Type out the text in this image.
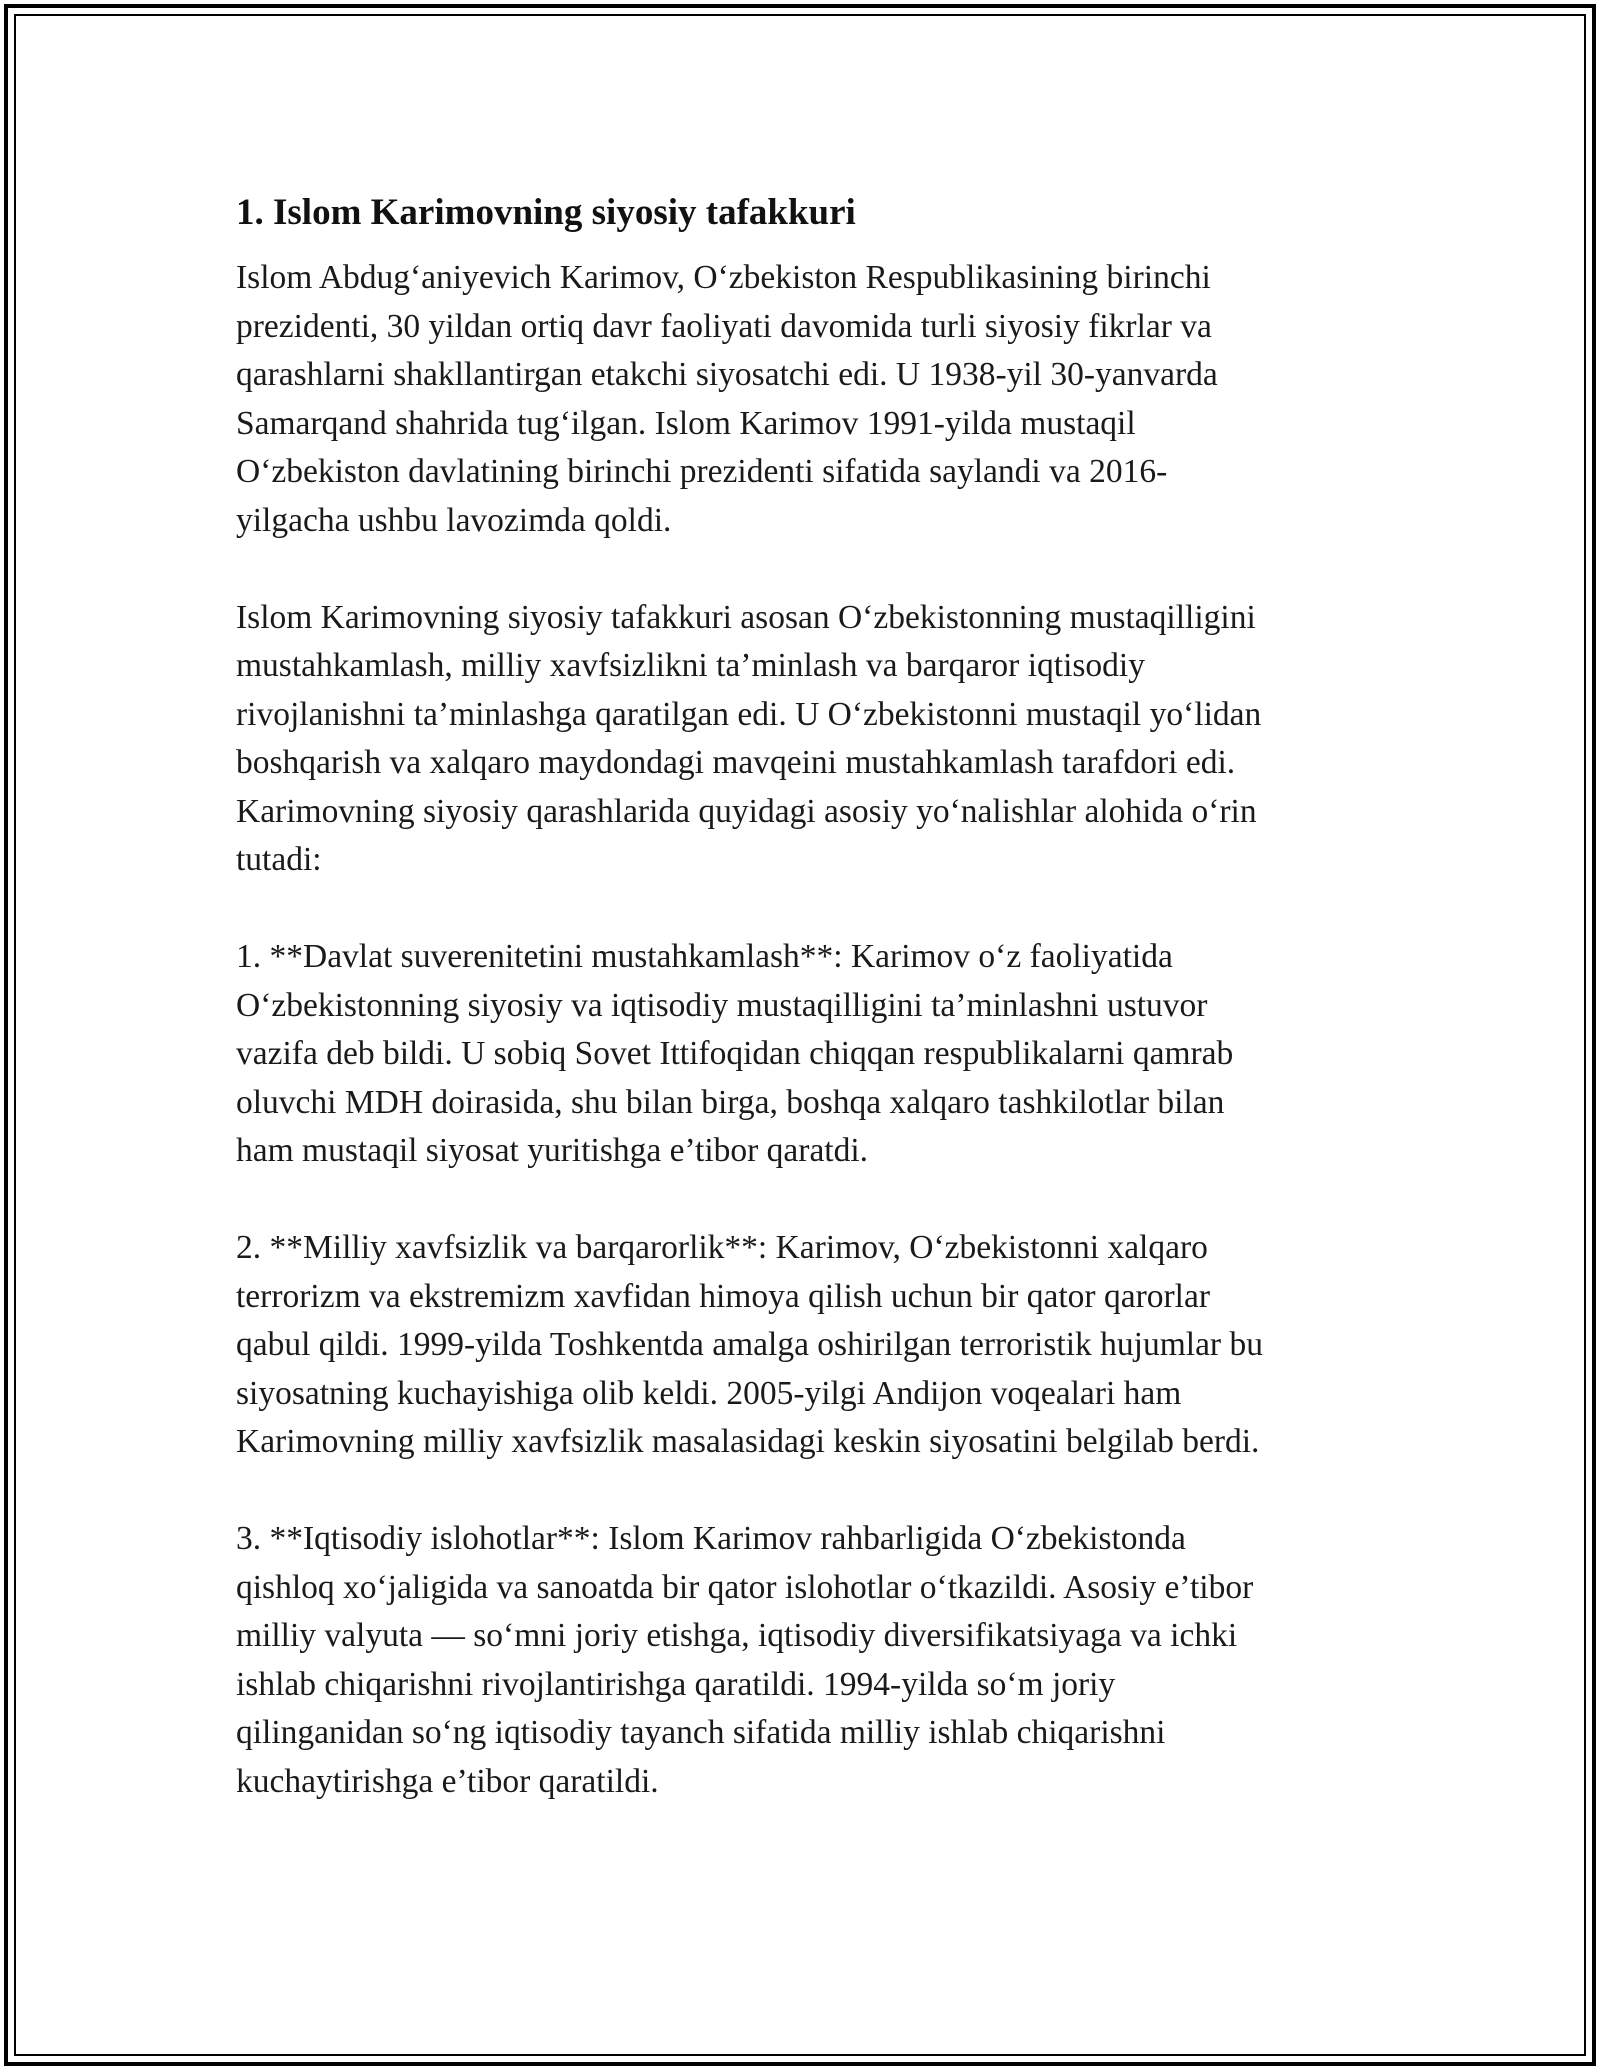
1. Islom Karimovning siyosiy tafakkuri

Islom Abdug‘aniyevich Karimov, O‘zbekiston Respublikasining birinchi
prezidenti, 30 yildan ortiq davr faoliyati davomida turli siyosiy fikrlar va
qarashlarni shakllantirgan etakchi siyosatchi edi. U 1938-yil 30-yanvarda
Samarqand shahrida tug‘ilgan. Islom Karimov 1991-yilda mustaqil
O‘zbekiston davlatining birinchi prezidenti sifatida saylandi va 2016-
yilgacha ushbu lavozimda qoldi.

Islom Karimovning siyosiy tafakkuri asosan O‘zbekistonning mustaqilligini
mustahkamlash, milliy xavfsizlikni ta’minlash va barqaror iqtisodiy
rivojlanishni ta’minlashga qaratilgan edi. U O‘zbekistonni mustaqil yo‘lidan
boshqarish va xalqaro maydondagi mavqeini mustahkamlash tarafdori edi.
Karimovning siyosiy qarashlarida quyidagi asosiy yo‘nalishlar alohida o‘rin
tutadi:

1. **Davlat suverenitetini mustahkamlash**: Karimov o‘z faoliyatida
O‘zbekistonning siyosiy va iqtisodiy mustaqilligini ta’minlashni ustuvor
vazifa deb bildi. U sobiq Sovet Ittifoqidan chiqqan respublikalarni qamrab
oluvchi MDH doirasida, shu bilan birga, boshqa xalqaro tashkilotlar bilan
ham mustaqil siyosat yuritishga e’tibor qaratdi.

2. **Milliy xavfsizlik va barqarorlik**: Karimov, O‘zbekistonni xalqaro
terrorizm va ekstremizm xavfidan himoya qilish uchun bir qator qarorlar
qabul qildi. 1999-yilda Toshkentda amalga oshirilgan terroristik hujumlar bu
siyosatning kuchayishiga olib keldi. 2005-yilgi Andijon voqealari ham
Karimovning milliy xavfsizlik masalasidagi keskin siyosatini belgilab berdi.

3. **Iqtisodiy islohotlar**: Islom Karimov rahbarligida O‘zbekistonda
qishloq xo‘jaligida va sanoatda bir qator islohotlar o‘tkazildi. Asosiy e’tibor
milliy valyuta — so‘mni joriy etishga, iqtisodiy diversifikatsiyaga va ichki
ishlab chiqarishni rivojlantirishga qaratildi. 1994-yilda so‘m joriy
qilinganidan so‘ng iqtisodiy tayanch sifatida milliy ishlab chiqarishni
kuchaytirishga e’tibor qaratildi.
